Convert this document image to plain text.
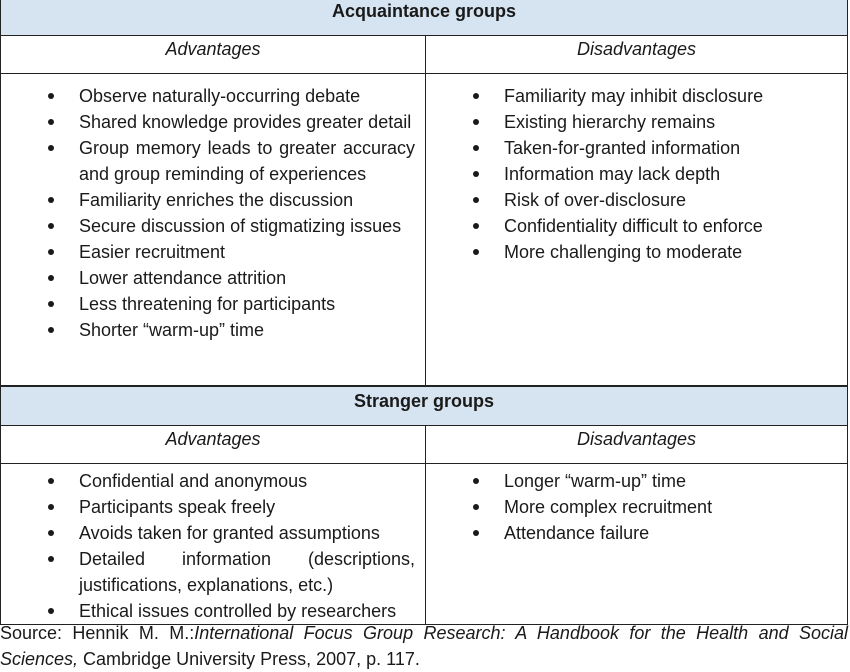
Acquaintance groups
Advantages	Disadvantages
Observe naturally-occurring debate
Shared knowledge provides greater detail
Group memory leads to greater accuracy and group reminding of experiences
Familiarity enriches the discussion
Secure discussion of stigmatizing issues
Easier recruitment
Lower attendance attrition
Less threatening for participants
Shorter “warm-up” time
Familiarity may inhibit disclosure
Existing hierarchy remains
Taken-for-granted information
Information may lack depth
Risk of over-disclosure
Confidentiality difficult to enforce
More challenging to moderate
Stranger groups
Advantages	Disadvantages
Confidential and anonymous
Participants speak freely
Avoids taken for granted assumptions
Detailed information (descriptions, justifications, explanations, etc.)
Ethical issues controlled by researchers
Longer “warm-up” time
More complex recruitment
Attendance failure
Source: Hennik M. M.:International Focus Group Research: A Handbook for the Health and Social Sciences, Cambridge University Press, 2007, p. 117.
